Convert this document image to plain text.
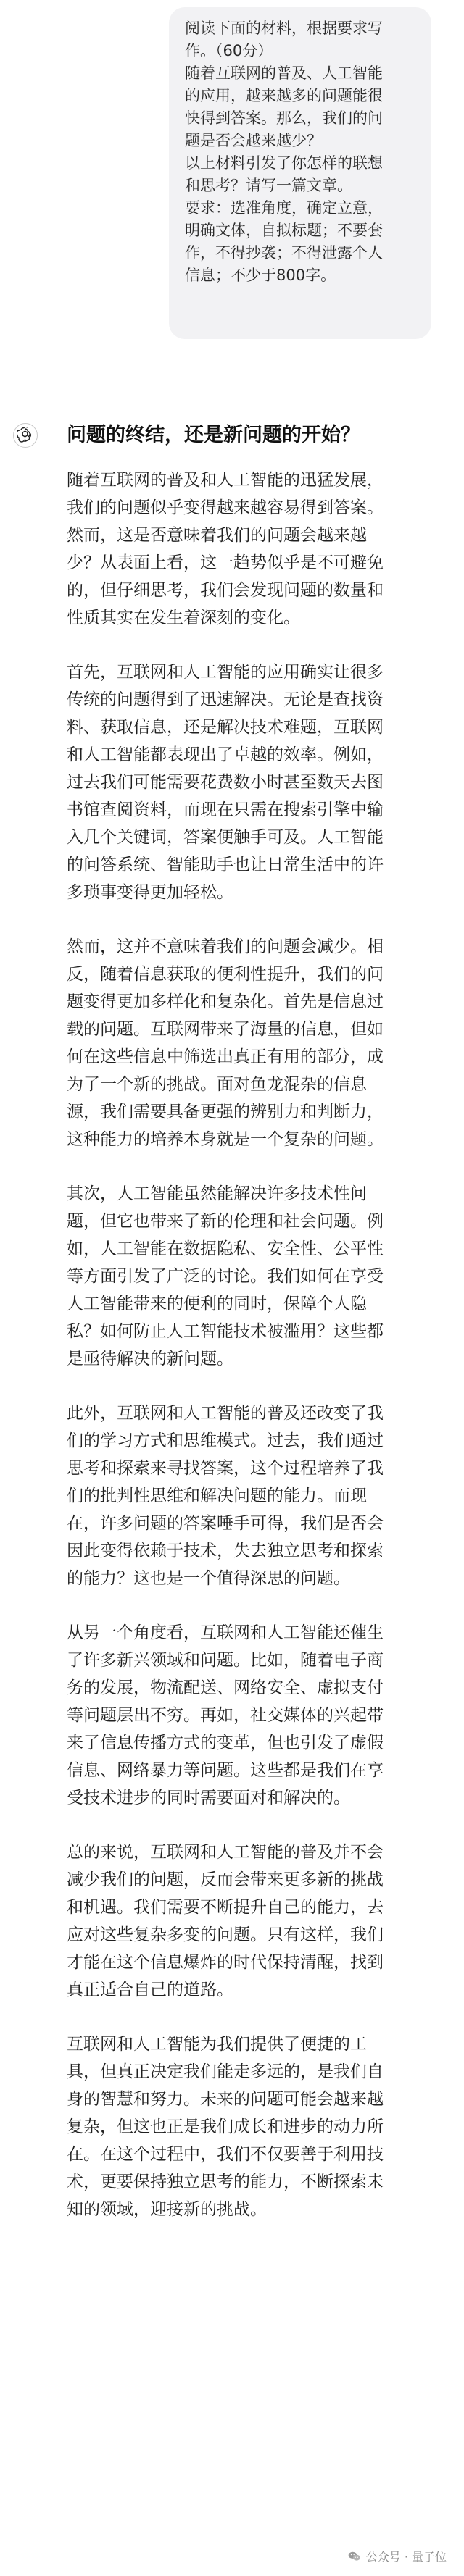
阅读下面的材料，根据要求写
作。（60分）
随着互联网的普及、人工智能
的应用，越来越多的问题能很
快得到答案。那么，我们的问
题是否会越来越少？
以上材料引发了你怎样的联想
和思考？请写一篇文章。
要求：选准角度，确定立意，
明确文体，自拟标题；不要套
作，不得抄袭；不得泄露个人
信息；不少于800字。
问题的终结，还是新问题的开始？
随着互联网的普及和人工智能的迅猛发展，
我们的问题似乎变得越来越容易得到答案。
然而，这是否意味着我们的问题会越来越
少？从表面上看，这一趋势似乎是不可避免
的，但仔细思考，我们会发现问题的数量和
性质其实在发生着深刻的变化。
首先，互联网和人工智能的应用确实让很多
传统的问题得到了迅速解决。无论是查找资
料、获取信息，还是解决技术难题，互联网
和人工智能都表现出了卓越的效率。例如，
过去我们可能需要花费数小时甚至数天去图
书馆查阅资料，而现在只需在搜索引擎中输
入几个关键词，答案便触手可及。人工智能
的问答系统、智能助手也让日常生活中的许
多琐事变得更加轻松。
然而，这并不意味着我们的问题会减少。相
反，随着信息获取的便利性提升，我们的问
题变得更加多样化和复杂化。首先是信息过
载的问题。互联网带来了海量的信息，但如
何在这些信息中筛选出真正有用的部分，成
为了一个新的挑战。面对鱼龙混杂的信息
源，我们需要具备更强的辨别力和判断力，
这种能力的培养本身就是一个复杂的问题。
其次，人工智能虽然能解决许多技术性问
题，但它也带来了新的伦理和社会问题。例
如，人工智能在数据隐私、安全性、公平性
等方面引发了广泛的讨论。我们如何在享受
人工智能带来的便利的同时，保障个人隐
私？如何防止人工智能技术被滥用？这些都
是亟待解决的新问题。
此外，互联网和人工智能的普及还改变了我
们的学习方式和思维模式。过去，我们通过
思考和探索来寻找答案，这个过程培养了我
们的批判性思维和解决问题的能力。而现
在，许多问题的答案唾手可得，我们是否会
因此变得依赖于技术，失去独立思考和探索
的能力？这也是一个值得深思的问题。
从另一个角度看，互联网和人工智能还催生
了许多新兴领域和问题。比如，随着电子商
务的发展，物流配送、网络安全、虚拟支付
等问题层出不穷。再如，社交媒体的兴起带
来了信息传播方式的变革，但也引发了虚假
信息、网络暴力等问题。这些都是我们在享
受技术进步的同时需要面对和解决的。
总的来说，互联网和人工智能的普及并不会
减少我们的问题，反而会带来更多新的挑战
和机遇。我们需要不断提升自己的能力，去
应对这些复杂多变的问题。只有这样，我们
才能在这个信息爆炸的时代保持清醒，找到
真正适合自己的道路。
互联网和人工智能为我们提供了便捷的工
具，但真正决定我们能走多远的，是我们自
身的智慧和努力。未来的问题可能会越来越
复杂，但这也正是我们成长和进步的动力所
在。在这个过程中，我们不仅要善于利用技
术，更要保持独立思考的能力，不断探索未
知的领域，迎接新的挑战。
公众号 · 量子位
